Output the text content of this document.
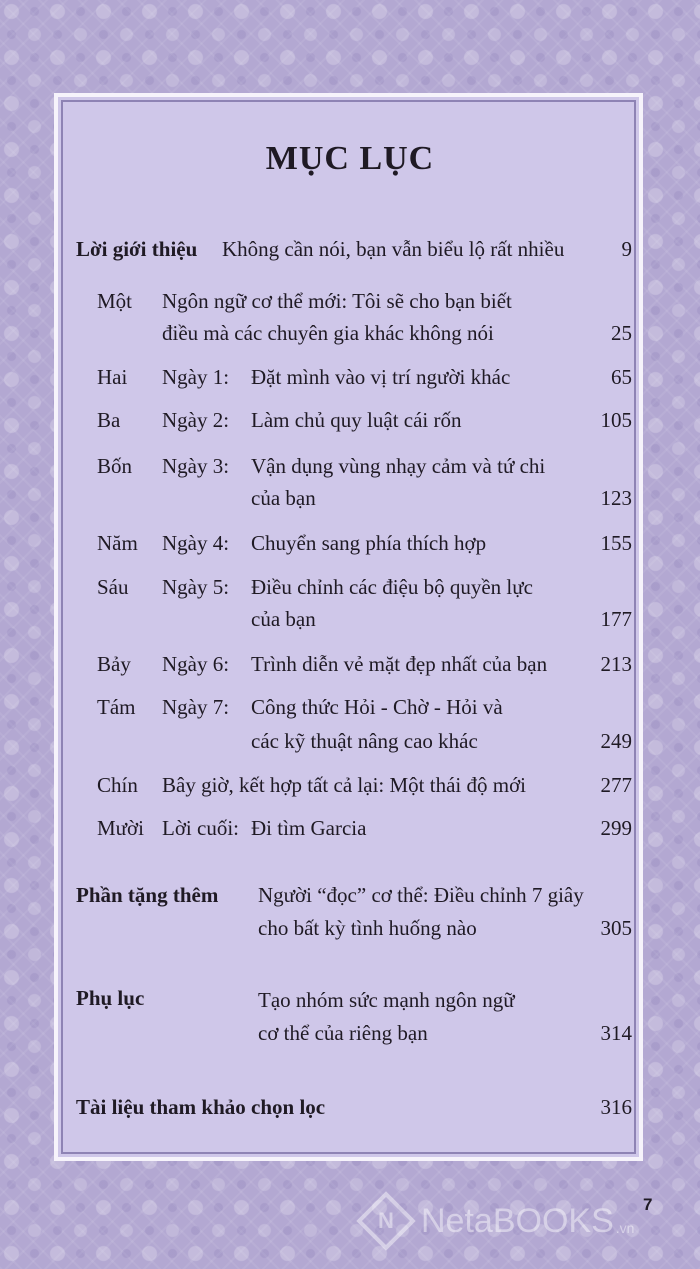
MỤC LỤC
Lời giới thiệu Không cần nói, bạn vẫn biểu lộ rất nhiều	9
Một Ngôn ngữ cơ thể mới: Tôi sẽ cho bạn biết
điều mà các chuyên gia khác không nói	25
Hai Ngày 1: Đặt mình vào vị trí người khác	65
Ba Ngày 2: Làm chủ quy luật cái rốn	105
Bốn Ngày 3: Vận dụng vùng nhạy cảm và tứ chi
của bạn	123
Năm Ngày 4: Chuyển sang phía thích hợp	155
Sáu Ngày 5: Điều chỉnh các điệu bộ quyền lực
của bạn	177
Bảy Ngày 6: Trình diễn vẻ mặt đẹp nhất của bạn	213
Tám Ngày 7: Công thức Hỏi - Chờ - Hỏi và
các kỹ thuật nâng cao khác	249
Chín Bây giờ, kết hợp tất cả lại: Một thái độ mới	277
Mười Lời cuối: Đi tìm Garcia	299
Phần tặng thêm Người “đọc” cơ thể: Điều chỉnh 7 giây
cho bất kỳ tình huống nào	305
Phụ lục	Tạo nhóm sức mạnh ngôn ngữ
cơ thể của riêng bạn	314
Tài liệu tham khảo chọn lọc	316
7
N NetaBOOKS .vn
